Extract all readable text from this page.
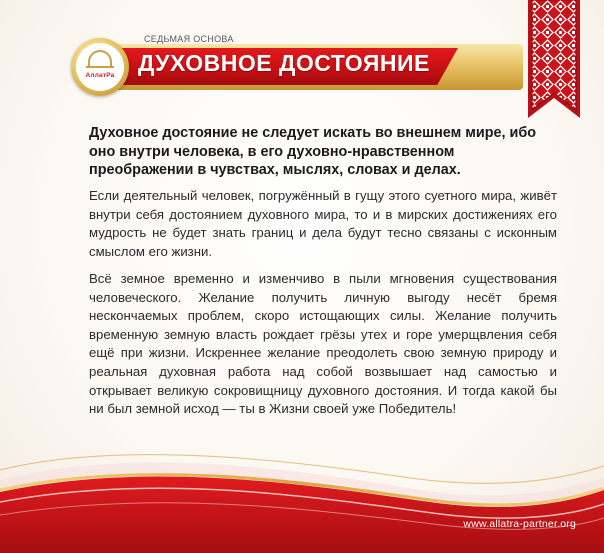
СЕДЬМАЯ ОСНОВА
ДУХОВНОЕ ДОСТОЯНИЕ
АллатРа
Духовное достояние не следует искать во внешнем мире, ибо оно внутри человека, в его духовно-нравственном преображении в чувствах, мыслях, словах и делах.
Если деятельный человек, погружённый в гущу этого суетного мира, живёт внутри себя достоянием духовного мира, то и в мирских достижениях его мудрость не будет знать границ и дела будут тесно связаны с исконным смыслом его жизни.
Всё земное временно и изменчиво в пыли мгновения существования человеческого. Желание получить личную выгоду несёт бремя нескончаемых проблем, скоро истощающих силы. Желание получить временную земную власть рождает грёзы утех и горе умерщвления себя ещё при жизни. Искреннее желание преодолеть свою земную природу и реальная духовная работа над собой возвышает над самостью и открывает великую сокровищницу духовного достояния. И тогда какой бы ни был земной исход — ты в Жизни своей уже Победитель!
www.allatra-partner.org
